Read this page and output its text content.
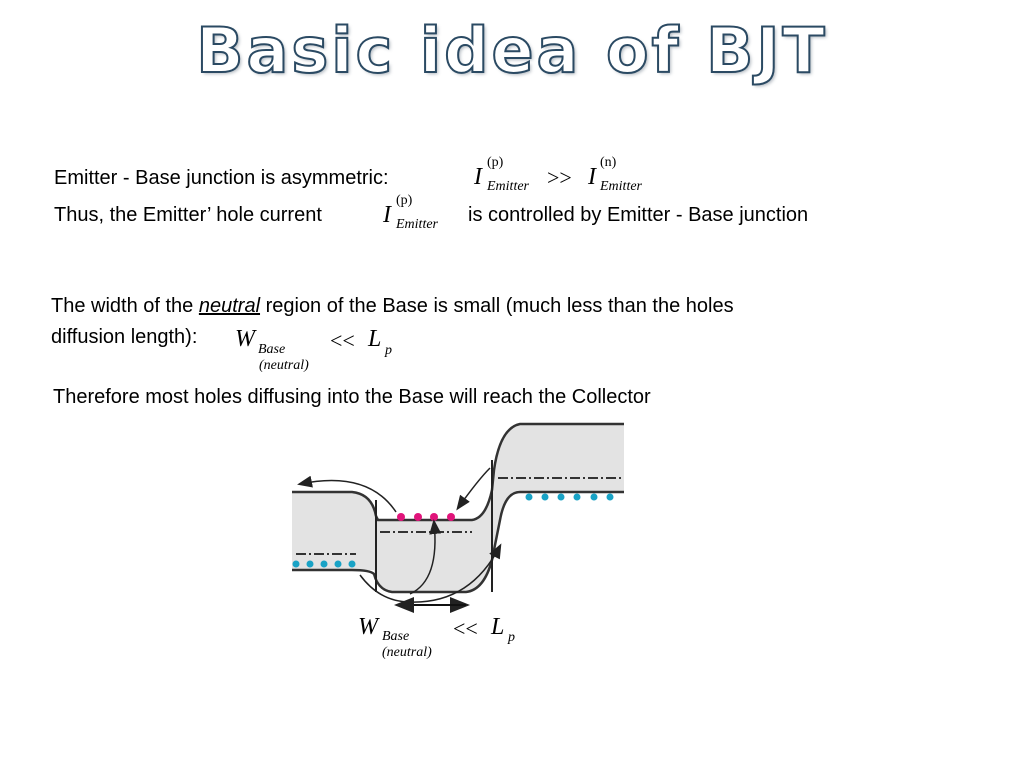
Basic idea of BJT
Emitter - Base junction is asymmetric:	I
(p)
Emitter >> I
(n)
Emitter
Thus, the Emitter’ hole current	I
(p)
Emitter is controlled by Emitter - Base junction
The width of the neutral region of the Base is small (much less than the holes
diffusion length): W Base
(neutral)
<< L p
Therefore most holes diffusing into the Base will reach the Collector
W Base
(neutral)
<< L p
